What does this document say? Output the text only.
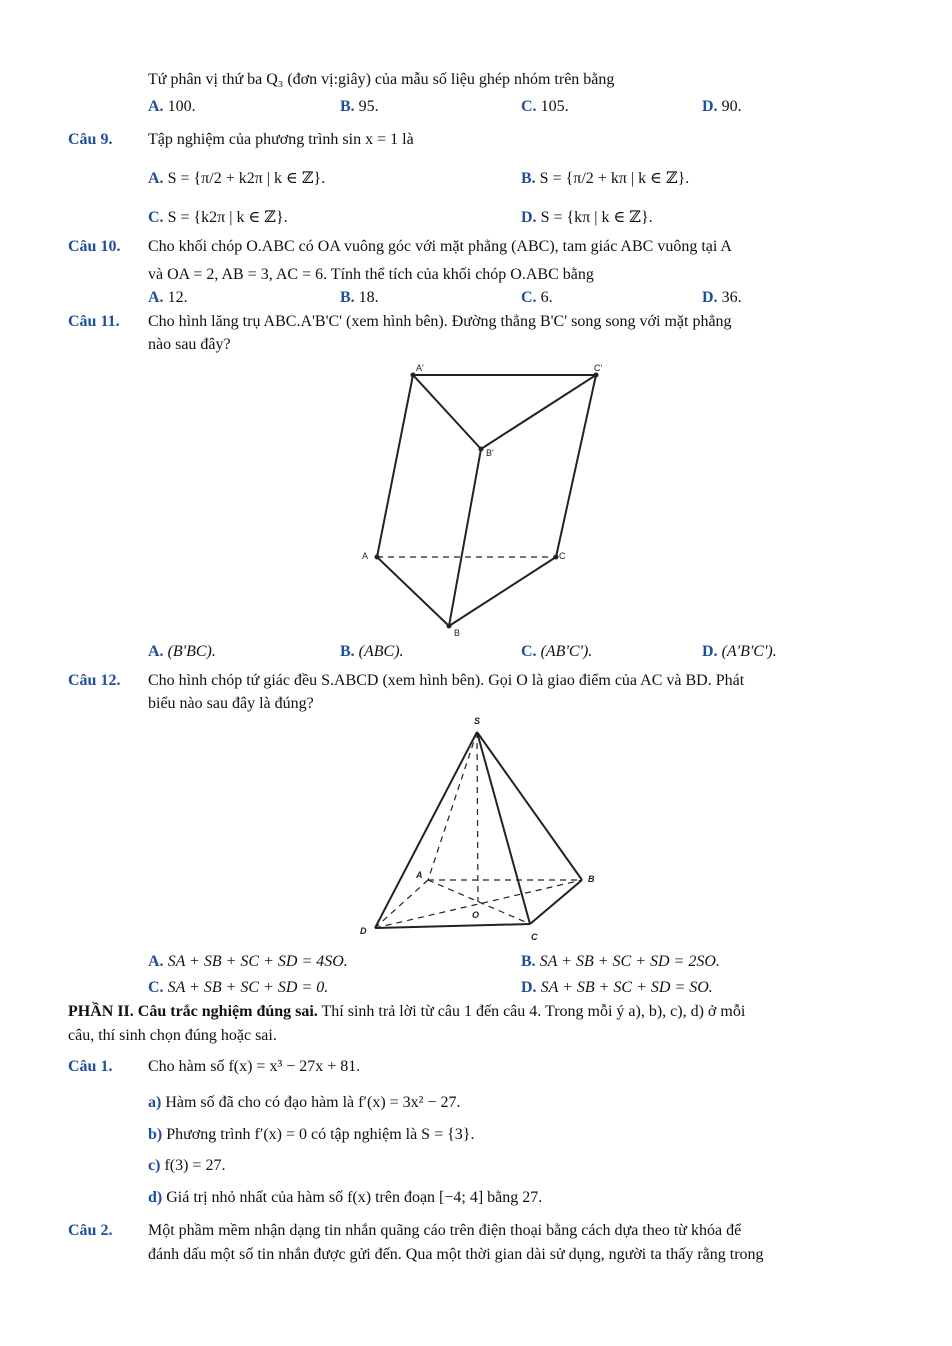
Tứ phân vị thứ ba Q₃ (đơn vị:giây) của mẫu số liệu ghép nhóm trên bằng
A. 100.	B. 95.	C. 105.	D. 90.
Câu 9. Tập nghiệm của phương trình sin x = 1 là
A. S = {π/2 + k2π | k ∈ ℤ}.	B. S = {π/2 + kπ | k ∈ ℤ}.
C. S = {k2π | k ∈ ℤ}.	D. S = {kπ | k ∈ ℤ}.
Câu 10. Cho khối chóp O.ABC có OA vuông góc với mặt phẳng (ABC), tam giác ABC vuông tại A
và OA = 2, AB = 3, AC = 6. Tính thể tích của khối chóp O.ABC bằng
A. 12.	B. 18.	C. 6.	D. 36.
Câu 11. Cho hình lăng trụ ABC.A'B'C' (xem hình bên). Đường thẳng B'C' song song với mặt phẳng
nào sau đây?
A'	C'
B'
A	C
B
A. (B'BC).	B. (ABC).	C. (AB'C').	D. (A'B'C').
Câu 12. Cho hình chóp tứ giác đều S.ABCD (xem hình bên). Gọi O là giao điểm của AC và BD. Phát
biểu nào sau đây là đúng?
S
A	B
C
D
O
A. SA + SB + SC + SD = 4SO.	B. SA + SB + SC + SD = 2SO.
C. SA + SB + SC + SD = 0.	D. SA + SB + SC + SD = SO.
PHẦN II. Câu trắc nghiệm đúng sai. Thí sinh trả lời từ câu 1 đến câu 4. Trong mỗi ý a), b), c), d) ở mỗi
câu, thí sinh chọn đúng hoặc sai.
Câu 1. Cho hàm số f(x) = x³ − 27x + 81.
a) Hàm số đã cho có đạo hàm là f′(x) = 3x² − 27.
b) Phương trình f′(x) = 0 có tập nghiệm là S = {3}.
c) f(3) = 27.
d) Giá trị nhỏ nhất của hàm số f(x) trên đoạn [−4; 4] bằng 27.
Câu 2. Một phầm mềm nhận dạng tin nhắn quãng cáo trên điện thoại bằng cách dựa theo từ khóa để
đánh dấu một số tin nhắn được gửi đến. Qua một thời gian dài sử dụng, người ta thấy rằng trong
